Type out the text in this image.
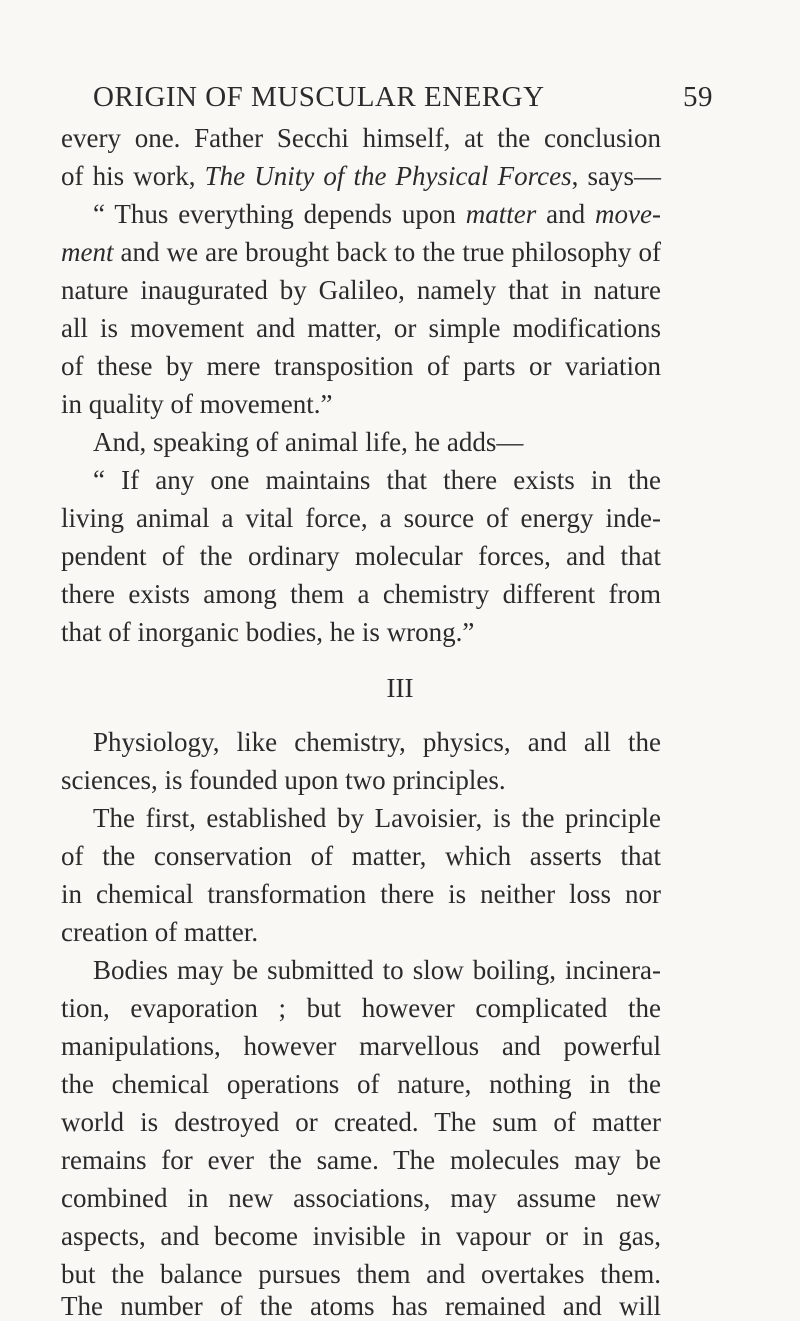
ORIGIN OF MUSCULAR ENERGY	59
every one. Father Secchi himself, at the conclusion
of his work, The Unity of the Physical Forces, says—
“ Thus everything depends upon matter and move-
ment and we are brought back to the true philosophy of
nature inaugurated by Galileo, namely that in nature
all is movement and matter, or simple modifications
of these by mere transposition of parts or variation
in quality of movement.”
And, speaking of animal life, he adds—
“ If any one maintains that there exists in the
living animal a vital force, a source of energy inde-
pendent of the ordinary molecular forces, and that
there exists among them a chemistry different from
that of inorganic bodies, he is wrong.”
III
Physiology, like chemistry, physics, and all the
sciences, is founded upon two principles.
The first, established by Lavoisier, is the principle
of the conservation of matter, which asserts that
in chemical transformation there is neither loss nor
creation of matter.
Bodies may be submitted to slow boiling, incinera-
tion, evaporation ; but however complicated the
manipulations, however marvellous and powerful
the chemical operations of nature, nothing in the
world is destroyed or created. The sum of matter
remains for ever the same. The molecules may be
combined in new associations, may assume new
aspects, and become invisible in vapour or in gas,
but the balance pursues them and overtakes them.
The number of the atoms has remained and will
